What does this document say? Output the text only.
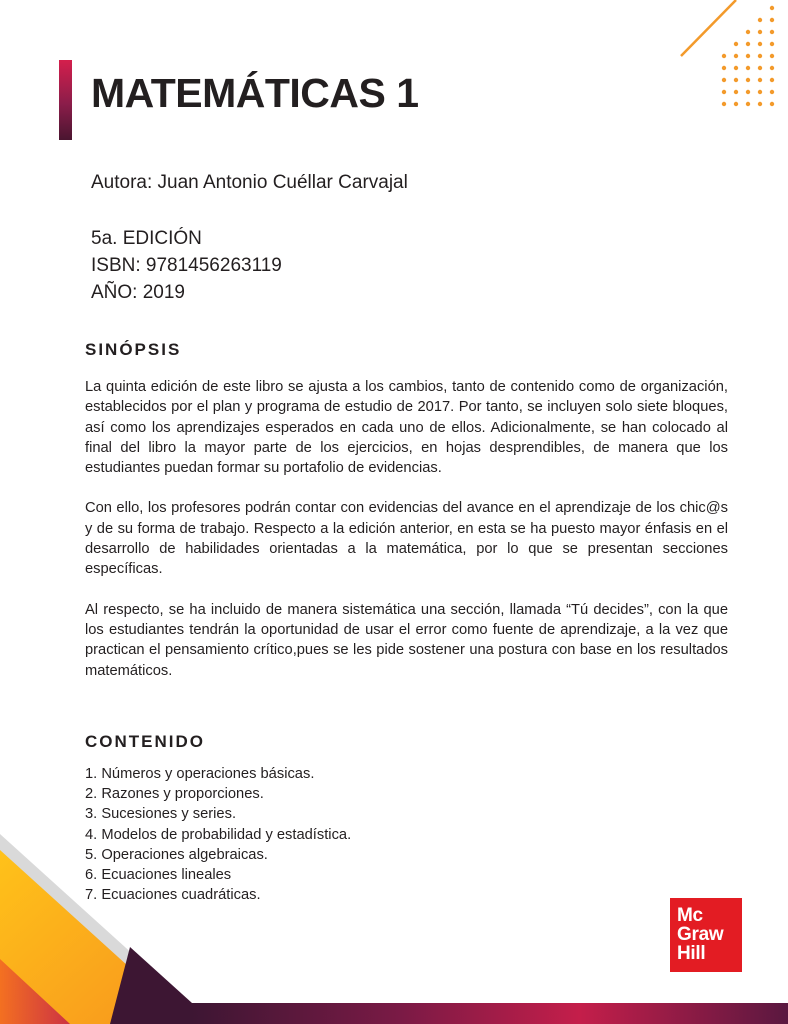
MATEMÁTICAS 1
Autora: Juan Antonio Cuéllar Carvajal
5a. EDICIÓN
ISBN: 9781456263119
AÑO: 2019
SINÓPSIS

La quinta edición de este libro se ajusta a los cambios, tanto de contenido como de organización, establecidos por el plan y programa de estudio de 2017. Por tanto, se incluyen solo siete bloques, así como los aprendizajes esperados en cada uno de ellos. Adicionalmente, se han colocado al final del libro la mayor parte de los ejercicios, en hojas desprendibles, de manera que los estudiantes puedan formar su portafolio de evidencias.

Con ello, los profesores podrán contar con evidencias del avance en el aprendizaje de los chic@s y de su forma de trabajo. Respecto a la edición anterior, en esta se ha puesto mayor énfasis en el desarrollo de habilidades orientadas a la matemática, por lo que se presentan secciones específicas.

Al respecto, se ha incluido de manera sistemática una sección, llamada “Tú decides”, con la que los estudiantes tendrán la oportunidad de usar el error como fuente de aprendizaje, a la vez que practican el pensamiento crítico,pues se les pide sostener una postura con base en los resultados matemáticos.

CONTENIDO
1. Números y operaciones básicas.
2. Razones y proporciones.
3. Sucesiones y series.
4. Modelos de probabilidad y estadística.
5. Operaciones algebraicas.
6. Ecuaciones lineales
7. Ecuaciones cuadráticas.
Mc
Graw
Hill
